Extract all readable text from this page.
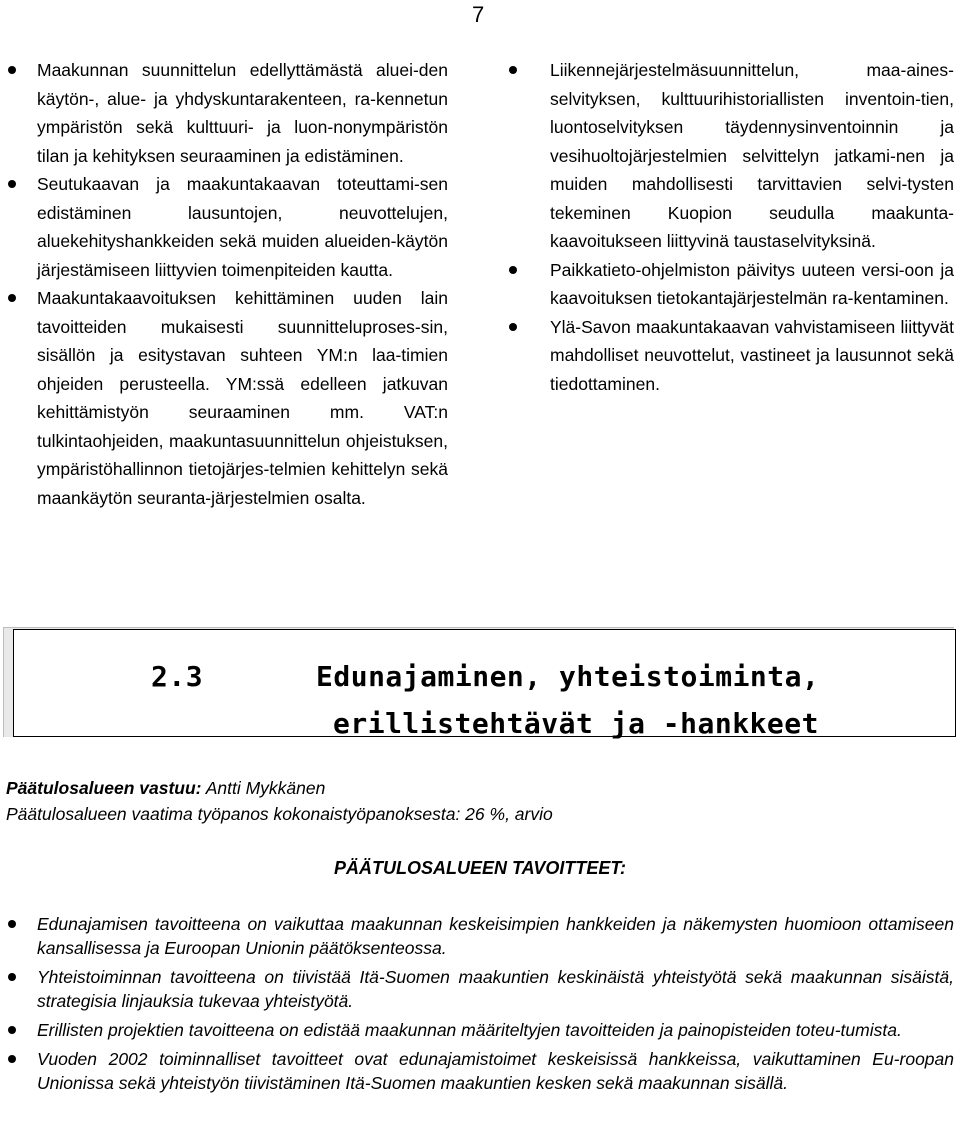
7
Maakunnan suunnittelun edellyttämästä aluei-den käytön-, alue- ja yhdyskuntarakenteen, ra-kennetun ympäristön sekä kulttuuri- ja luon-nonympäristön tilan ja kehityksen seuraaminen ja edistäminen.
Seutukaavan ja maakuntakaavan toteuttami-sen edistäminen lausuntojen, neuvottelujen, aluekehityshankkeiden sekä muiden alueiden-käytön järjestämiseen liittyvien toimenpiteiden kautta.
Maakuntakaavoituksen kehittäminen uuden lain tavoitteiden mukaisesti suunnitteluproses-sin, sisällön ja esitystavan suhteen YM:n laa-timien ohjeiden perusteella. YM:ssä edelleen jatkuvan kehittämistyön seuraaminen mm. VAT:n tulkintaohjeiden, maakuntasuunnittelun ohjeistuksen, ympäristöhallinnon tietojärjes-telmien kehittelyn sekä maankäytön seuranta-järjestelmien osalta.
Liikennejärjestelmäsuunnittelun, maa-aines-selvityksen, kulttuurihistoriallisten inventoin-tien, luontoselvityksen täydennysinventoinnin ja vesihuoltojärjestelmien selvittelyn jatkami-nen ja muiden mahdollisesti tarvittavien selvi-tysten tekeminen Kuopion seudulla maakunta-kaavoitukseen liittyvinä taustaselvityksinä.
Paikkatieto-ohjelmiston päivitys uuteen versi-oon ja kaavoituksen tietokantajärjestelmän ra-kentaminen.
Ylä-Savon maakuntakaavan vahvistamiseen liittyvät mahdolliset neuvottelut, vastineet ja lausunnot sekä tiedottaminen.
2.3	Edunajaminen, yhteistoiminta,
erillistehtävät ja -hankkeet
Päätulosalueen vastuu: Antti Mykkänen
Päätulosalueen vaatima työpanos kokonaistyöpanoksesta: 26 %, arvio
PÄÄTULOSALUEEN TAVOITTEET:
Edunajamisen tavoitteena on vaikuttaa maakunnan keskeisimpien hankkeiden ja näkemysten huomioon ottamiseen kansallisessa ja Euroopan Unionin päätöksenteossa.
Yhteistoiminnan tavoitteena on tiivistää Itä-Suomen maakuntien keskinäistä yhteistyötä sekä maakunnan sisäistä, strategisia linjauksia tukevaa yhteistyötä.
Erillisten projektien tavoitteena on edistää maakunnan määriteltyjen tavoitteiden ja painopisteiden toteu-tumista.
Vuoden 2002 toiminnalliset tavoitteet ovat edunajamistoimet keskeisissä hankkeissa, vaikuttaminen Eu-roopan Unionissa sekä yhteistyön tiivistäminen Itä-Suomen maakuntien kesken sekä maakunnan sisällä.
